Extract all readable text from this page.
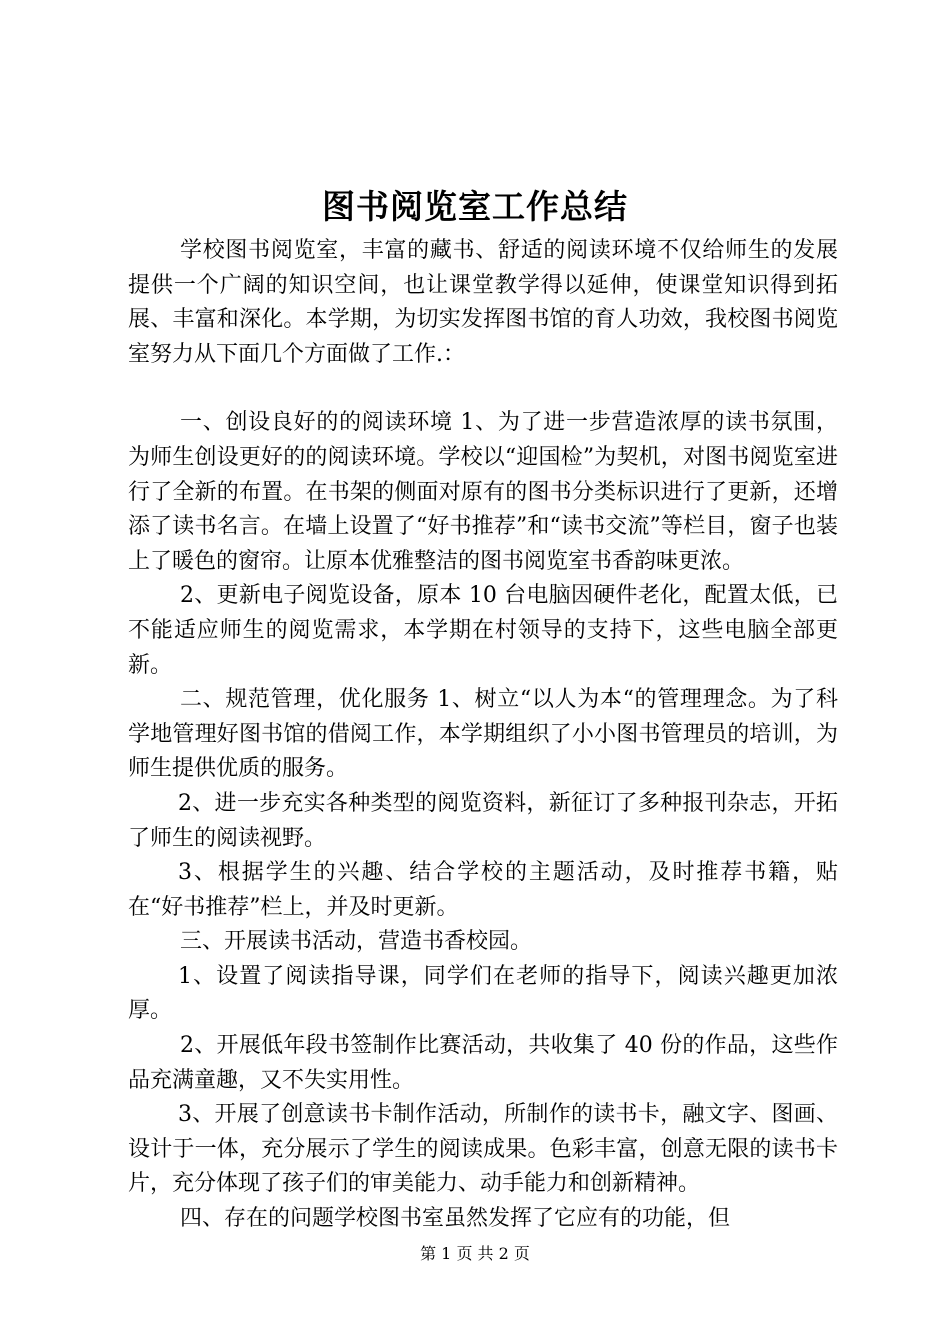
图书阅览室工作总结

学校图书阅览室，丰富的藏书、舒适的阅读环境不仅给师生的发展提供一个广阔的知识空间，也让课堂教学得以延伸，使课堂知识得到拓展、丰富和深化。本学期，为切实发挥图书馆的育人功效，我校图书阅览室努力从下面几个方面做了工作.：

一、创设良好的的阅读环境 1、为了进一步营造浓厚的读书氛围，为师生创设更好的的阅读环境。学校以“迎国检”为契机，对图书阅览室进行了全新的布置。在书架的侧面对原有的图书分类标识进行了更新，还增添了读书名言。在墙上设置了“好书推荐”和“读书交流”等栏目，窗子也装上了暖色的窗帘。让原本优雅整洁的图书阅览室书香韵味更浓。

2、更新电子阅览设备，原本 10 台电脑因硬件老化，配置太低，已不能适应师生的阅览需求，本学期在村领导的支持下，这些电脑全部更新。

二、规范管理，优化服务 1、树立“以人为本“的管理理念。为了科学地管理好图书馆的借阅工作，本学期组织了小小图书管理员的培训，为师生提供优质的服务。

2、进一步充实各种类型的阅览资料，新征订了多种报刊杂志，开拓了师生的阅读视野。

3、根据学生的兴趣、结合学校的主题活动，及时推荐书籍，贴在“好书推荐”栏上，并及时更新。

三、开展读书活动，营造书香校园。

1、设置了阅读指导课，同学们在老师的指导下，阅读兴趣更加浓厚。

2、开展低年段书签制作比赛活动，共收集了 40 份的作品，这些作品充满童趣，又不失实用性。

3、开展了创意读书卡制作活动，所制作的读书卡，融文字、图画、设计于一体，充分展示了学生的阅读成果。色彩丰富，创意无限的读书卡片，充分体现了孩子们的审美能力、动手能力和创新精神。

四、存在的问题学校图书室虽然发挥了它应有的功能，但

第 1 页 共 2 页
